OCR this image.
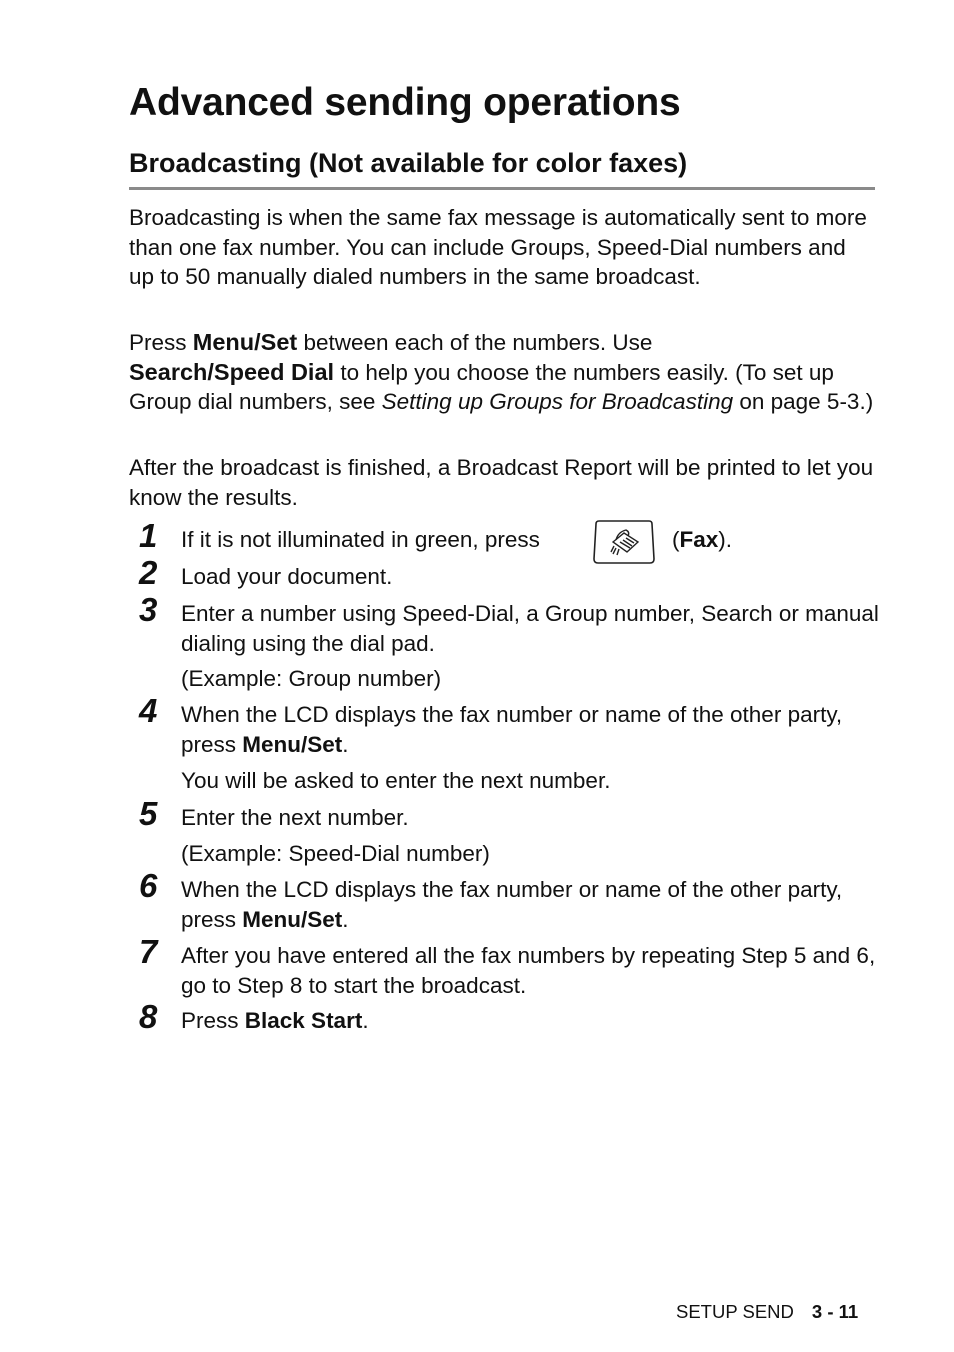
Advanced sending operations
Broadcasting (Not available for color faxes)

Broadcasting is when the same fax message is automatically sent to more than one fax number. You can include Groups, Speed-Dial numbers and up to 50 manually dialed numbers in the same broadcast.

Press Menu/Set between each of the numbers. Use
Search/Speed Dial to help you choose the numbers easily. (To set up Group dial numbers, see Setting up Groups for Broadcasting on page 5-3.)

After the broadcast is finished, a Broadcast Report will be printed to let you know the results.

1 If it is not illuminated in green, press	(Fax).

2 Load your document.

3 Enter a number using Speed-Dial, a Group number, Search or manual dialing using the dial pad.

(Example: Group number)

4 When the LCD displays the fax number or name of the other party, press Menu/Set.

You will be asked to enter the next number.

5 Enter the next number.

(Example: Speed-Dial number)

6 When the LCD displays the fax number or name of the other party, press Menu/Set.

7 After you have entered all the fax numbers by repeating Step 5 and 6, go to Step 8 to start the broadcast.

8 Press Black Start.

SETUP SEND 3 - 11
